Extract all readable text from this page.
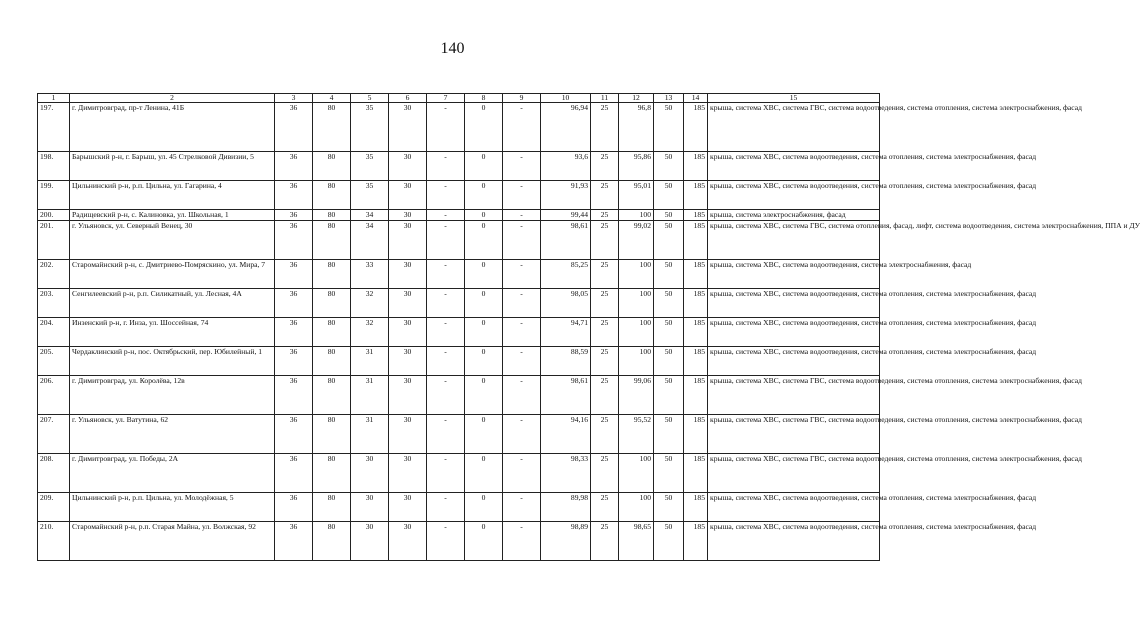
140
1	2	3	4	5	6	7	8	9	10	11	12	13	14	15
197.	г. Димитровград, пр-т Ленина, 41Б	36	80	35	30	-	0	-	96,94	25	96,8	50	185	крыша, система ХВС, система ГВС, система водоотведения, система отопления, система электроснабжения, фасад
198.	Барышский р-н, г. Барыш, ул. 45 Стрелковой Дивизии, 5	36	80	35	30	-	0	-	93,6	25	95,86	50	185	крыша, система ХВС, система водоотведения, система отопления, система электроснабжения, фасад
199.	Цильнинский р-н, р.п. Цильна, ул. Гагарина, 4	36	80	35	30	-	0	-	91,93	25	95,01	50	185	крыша, система ХВС, система водоотведения, система отопления, система электроснабжения, фасад
200.	Радищевский р-н, с. Калиновка, ул. Школьная, 1	36	80	34	30	-	0	-	99,44	25	100	50	185	крыша, система электроснабжения, фасад
201.	г. Ульяновск, ул. Северный Венец, 30	36	80	34	30	-	0	-	98,61	25	99,02	50	185	крыша, система ХВС, система ГВС, система отопления, фасад, лифт, система водоотведения, система электроснабжения, ППА и ДУ
202.	Старомайнский р-н, с. Дмитриево-Помряскино, ул. Мира, 7	36	80	33	30	-	0	-	85,25	25	100	50	185	крыша, система ХВС, система водоотведения, система электроснабжения, фасад
203.	Сенгилеевский р-н, р.п. Силикатный, ул. Лесная, 4А	36	80	32	30	-	0	-	98,05	25	100	50	185	крыша, система ХВС, система водоотведения, система отопления, система электроснабжения, фасад
204.	Инзенский р-н, г. Инза, ул. Шоссейная, 74	36	80	32	30	-	0	-	94,71	25	100	50	185	крыша, система ХВС, система водоотведения, система отопления, система электроснабжения, фасад
205.	Чердаклинский р-н, пос. Октябрьский, пер. Юбилейный, 1	36	80	31	30	-	0	-	88,59	25	100	50	185	крыша, система ХВС, система водоотведения, система отопления, система электроснабжения, фасад
206.	г. Димитровград, ул. Королёва, 12в	36	80	31	30	-	0	-	98,61	25	99,06	50	185	крыша, система ХВС, система ГВС, система водоотведения, система отопления, система электроснабжения, фасад
207.	г. Ульяновск, ул. Ватутина, 62	36	80	31	30	-	0	-	94,16	25	95,52	50	185	крыша, система ХВС, система ГВС, система водоотведения, система отопления, система электроснабжения, фасад
208.	г. Димитровград, ул. Победы, 2А	36	80	30	30	-	0	-	98,33	25	100	50	185	крыша, система ХВС, система ГВС, система водоотведения, система отопления, система электроснабжения, фасад
209.	Цильнинский р-н, р.п. Цильна, ул. Молодёжная, 5	36	80	30	30	-	0	-	89,98	25	100	50	185	крыша, система ХВС, система водоотведения, система отопления, система электроснабжения, фасад
210.	Старомайнский р-н, р.п. Старая Майна, ул. Волжская, 92	36	80	30	30	-	0	-	98,89	25	98,65	50	185	крыша, система ХВС, система водоотведения, система отопления, система электроснабжения, фасад
